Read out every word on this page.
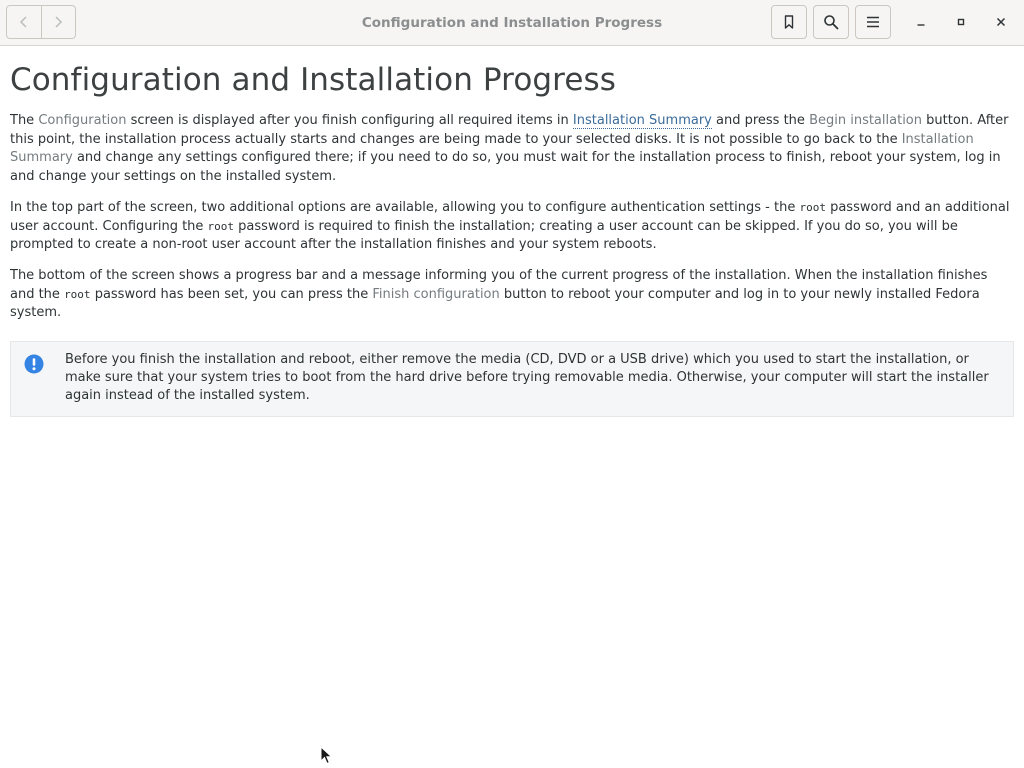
Configuration and Installation Progress
Configuration and Installation Progress

The Configuration screen is displayed after you finish configuring all required items in Installation Summary and press the Begin installation button. After this point, the installation process actually starts and changes are being made to your selected disks. It is not possible to go back to the Installation Summary and change any settings configured there; if you need to do so, you must wait for the installation process to finish, reboot your system, log in and change your settings on the installed system.

In the top part of the screen, two additional options are available, allowing you to configure authentication settings - the root password and an additional user account. Configuring the root password is required to finish the installation; creating a user account can be skipped. If you do so, you will be prompted to create a non-root user account after the installation finishes and your system reboots.

The bottom of the screen shows a progress bar and a message informing you of the current progress of the installation. When the installation finishes and the root password has been set, you can press the Finish configuration button to reboot your computer and log in to your newly installed Fedora system.

Before you finish the installation and reboot, either remove the media (CD, DVD or a USB drive) which you used to start the installation, or make sure that your system tries to boot from the hard drive before trying removable media. Otherwise, your computer will start the installer again instead of the installed system.
